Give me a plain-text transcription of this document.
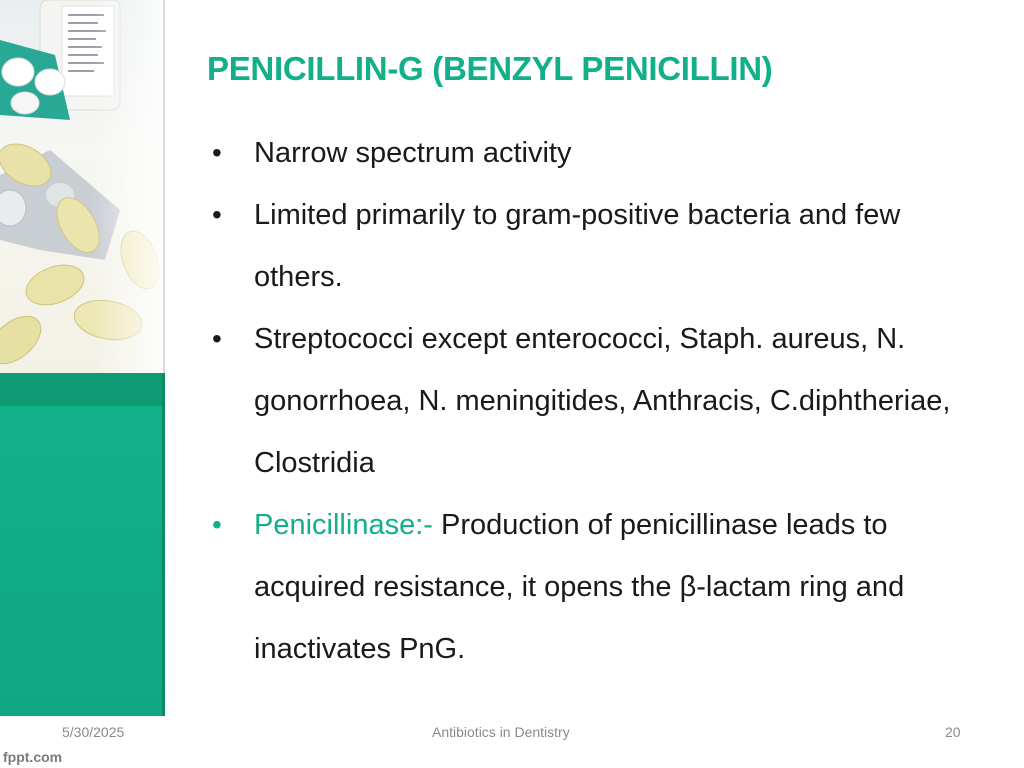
PENICILLIN-G (BENZYL PENICILLIN)
• Narrow spectrum activity
• Limited primarily to gram-positive bacteria and few others.
• Streptococci except enterococci, Staph. aureus, N. gonorrhoea, N. meningitides, Anthracis, C.diphtheriae, Clostridia
• Penicillinase:- Production of penicillinase leads to acquired resistance, it opens the β-lactam ring and inactivates PnG.
5/30/2025	Antibiotics in Dentistry	20
fppt.com
